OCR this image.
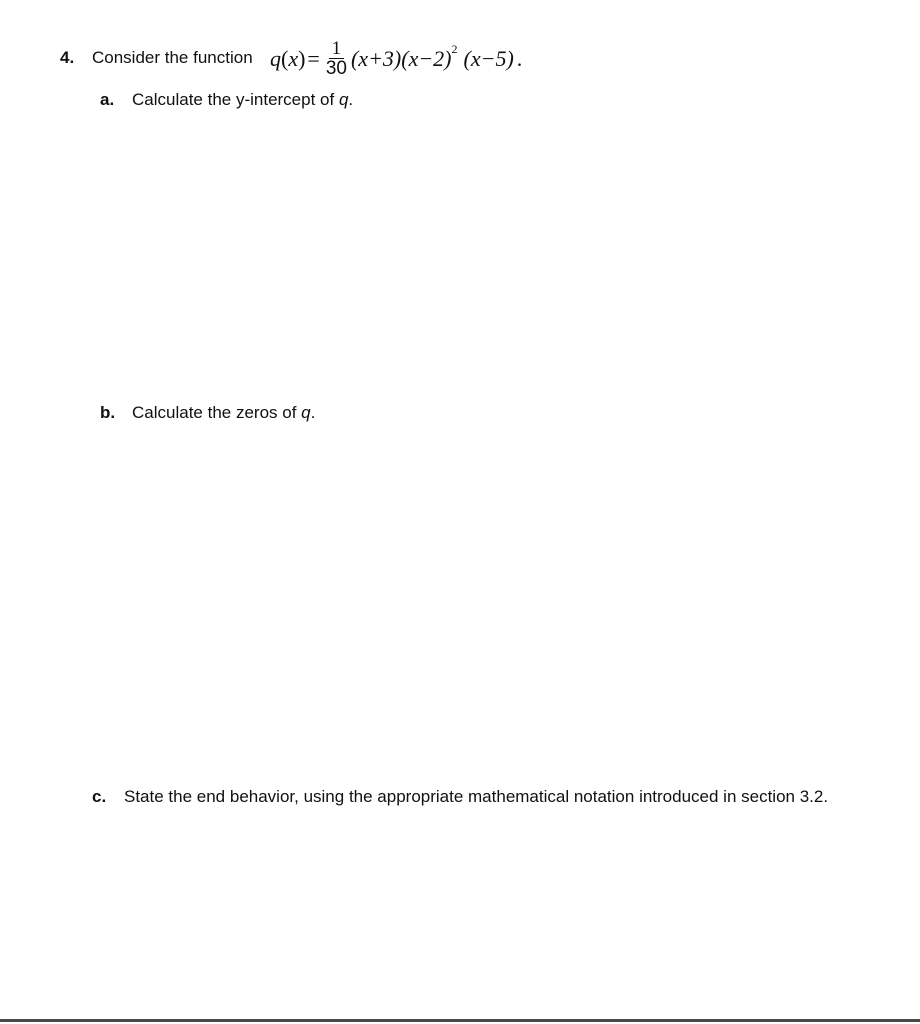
4. Consider the function q ( x ) = $\frac{1}{30} (x+3)$ (x−2) 2 (x−5) .
a. Calculate the y-intercept of q.
b. Calculate the zeros of q.
c. State the end behavior, using the appropriate mathematical notation introduced in section 3.2.
